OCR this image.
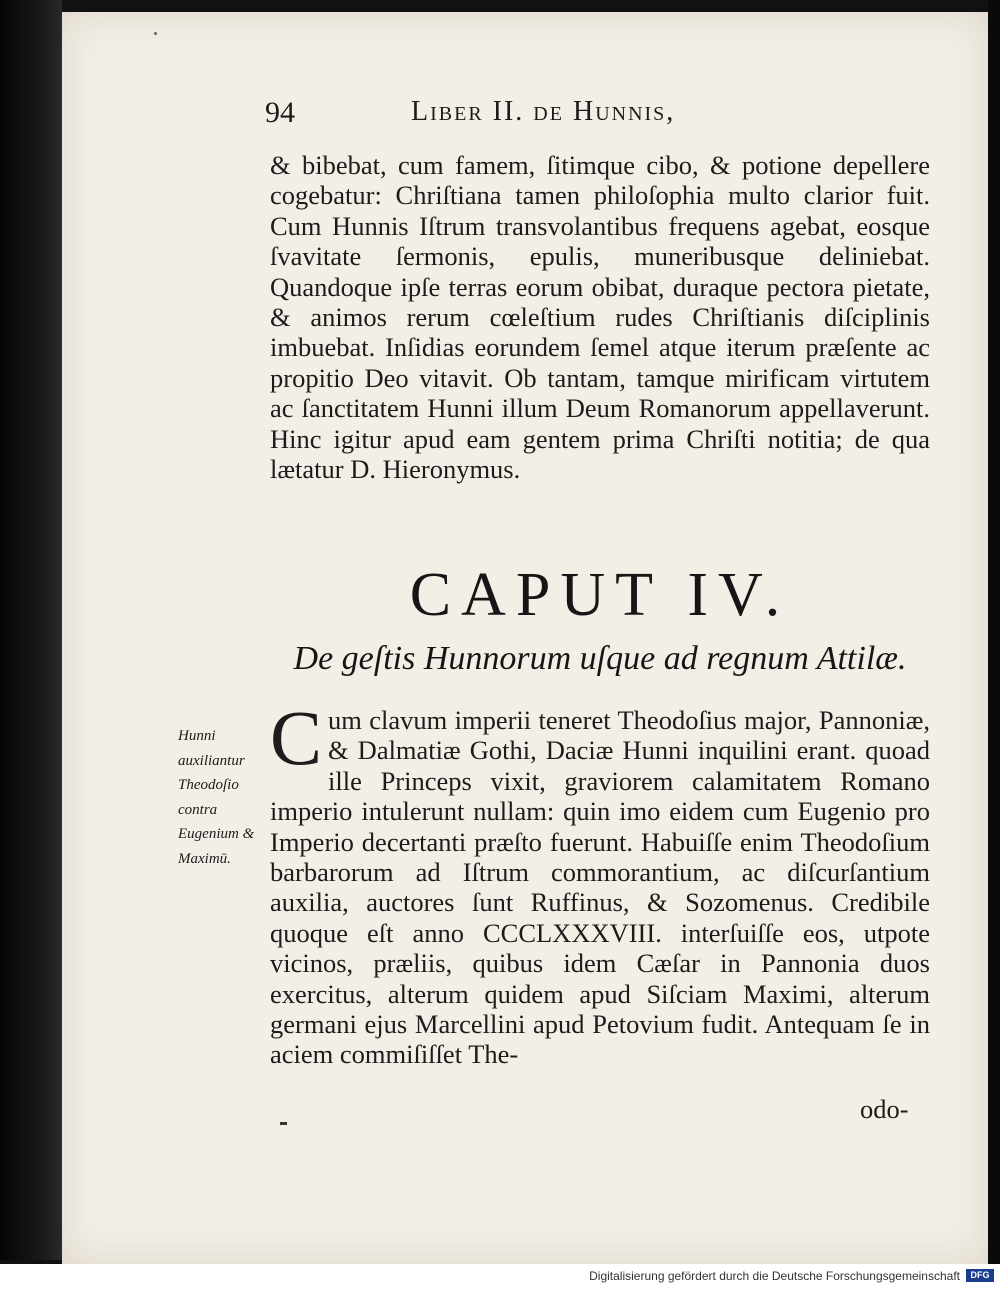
94	Liber II. de Hunnis,
& bibebat, cum famem, ſitimque cibo, & potione depellere cogebatur: Chriſtiana tamen philoſophia multo clarior fuit. Cum Hunnis Iſtrum transvolantibus frequens agebat, eosque ſvavitate ſermonis, epulis, muneribusque deliniebat. Quandoque ipſe terras eorum obibat, duraque pectora pietate, & animos rerum cœleſtium rudes Chriſtianis diſciplinis imbuebat. Inſidias eorundem ſemel atque iterum præſente ac propitio Deo vitavit. Ob tantam, tamque mirificam virtutem ac ſanctitatem Hunni illum Deum Romanorum appellaverunt. Hinc igitur apud eam gentem prima Chriſti notitia; de qua lætatur D. Hieronymus.
CAPUT IV.
De geſtis Hunnorum uſque ad regnum Attilæ.
Hunni auxiliantur Theodoſio contra Eugenium & Maximū.
C um clavum imperii teneret Theodoſius major, Pannoniæ, & Dalmatiæ Gothi, Daciæ Hunni inquilini erant. quoad ille Princeps vixit, graviorem calamitatem Romano imperio intulerunt nullam: quin imo eidem cum Eugenio pro Imperio decertanti præſto fuerunt. Habuiſſe enim Theodoſium barbarorum ad Iſtrum commorantium, ac diſcurſantium auxilia, auctores ſunt Ruffinus, & Sozomenus. Credibile quoque eſt anno CCCLXXXVIII. interſuiſſe eos, utpote vicinos, præliis, quibus idem Cæſar in Pannonia duos exercitus, alterum quidem apud Siſciam Maximi, alterum germani ejus Marcellini apud Petovium fudit. Antequam ſe in aciem commiſiſſet The-
odo-
Digitalisierung gefördert durch die Deutsche Forschungsgemeinschaft	DFG
